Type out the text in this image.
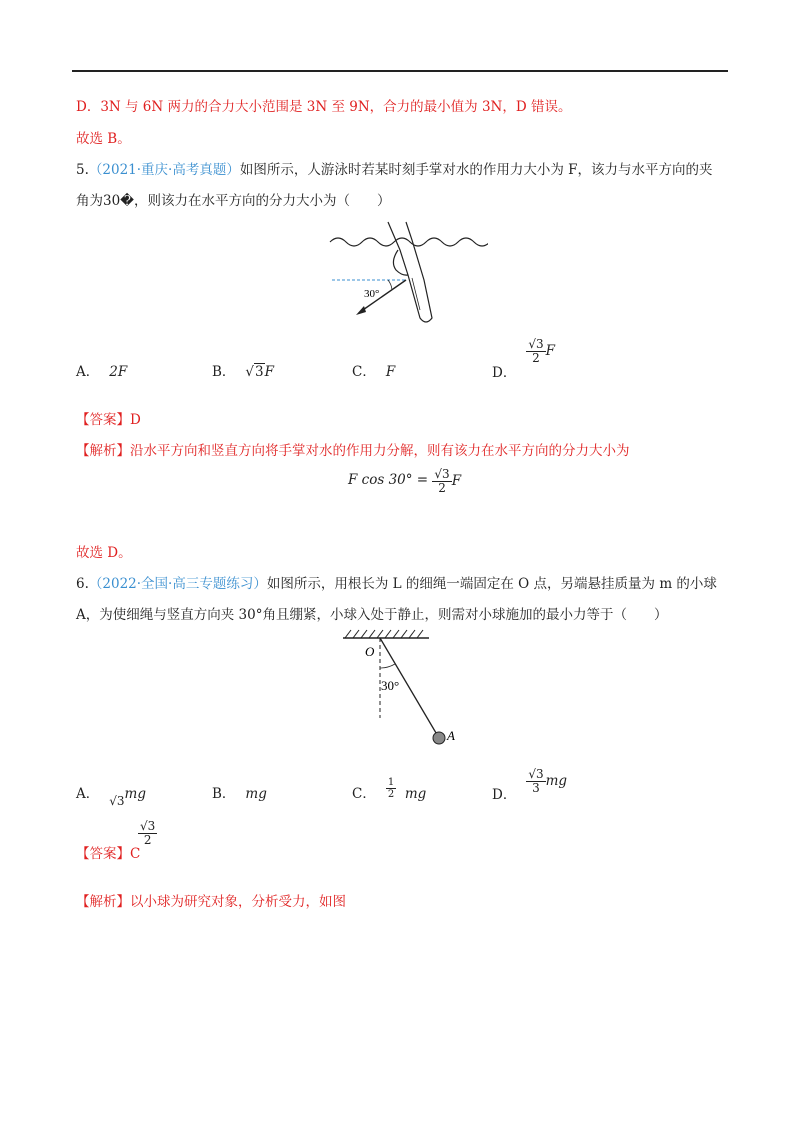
D．3N 与 6N 两力的合力大小范围是 3N 至 9N，合力的最小值为 3N，D 错误。
故选 B。
5.（2021·重庆·高考真题）如图所示，人游泳时若某时刻手掌对水的作用力大小为 F，该力与水平方向的夹
角为30�，则该力在水平方向的分力大小为（　　）
30°
A． 2F	B． √3F	C． F	D．
$\frac{√3}{2}$ F
【答案】D
【解析】沿水平方向和竖直方向将手掌对水的作用力分解，则有该力在水平方向的分力大小为
F $\cos 30^\circ = \frac{√3}{2}$ F
故选 D。
6.（2022·全国·高三专题练习）如图所示，用根长为 L 的细绳一端固定在 O 点，另端悬挂质量为 m 的小球
A，为使细绳与竖直方向夹 30°角且绷紧，小球入处于静止，则需对小球施加的最小力等于（　　）
O
30°
A
A． √3mg	B． mg	C． $\frac{1}{2}$ mg	D． $\frac{√3}{3}$ mg
【答案】C
$\frac{√3}{2}$
【解析】以小球为研究对象，分析受力，如图
